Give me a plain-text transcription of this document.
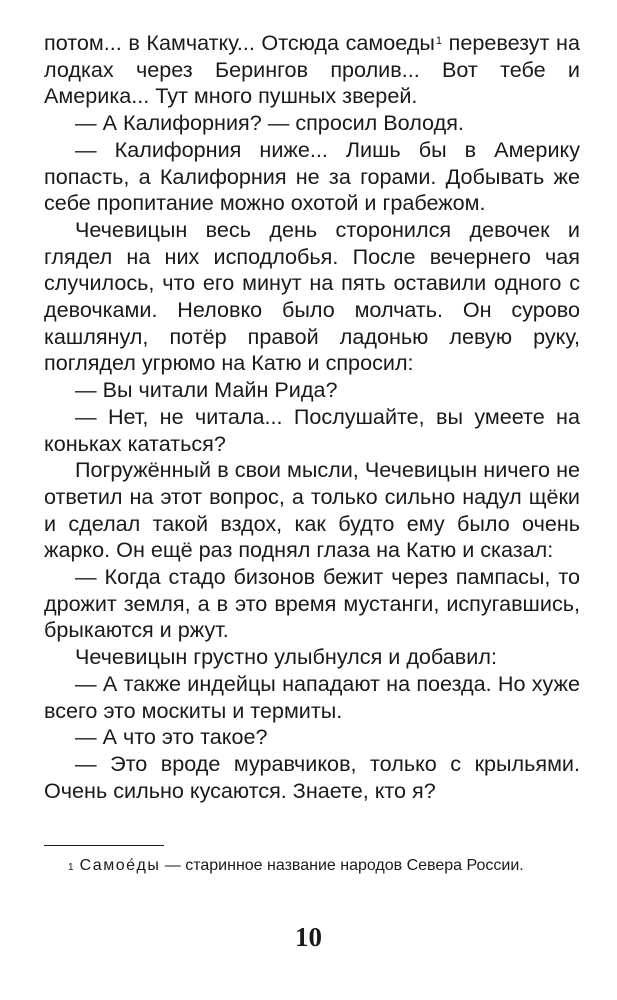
потом... в Камчатку... Отсюда самоеды$^1$ перевезут на лодках через Берингов пролив... Вот тебе и Америка... Тут много пушных зверей.

— А Калифорния? — спросил Володя.

— Калифорния ниже... Лишь бы в Америку попасть, а Калифорния не за горами. Добывать же себе пропитание можно охотой и грабежом.

Чечевицын весь день сторонился девочек и глядел на них исподлобья. После вечернего чая случилось, что его минут на пять оставили одного с девочками. Неловко было молчать. Он сурово кашлянул, потёр правой ладонью левую руку, поглядел угрюмо на Катю и спросил:

— Вы читали Майн Рида?

— Нет, не читала... Послушайте, вы умеете на коньках кататься?

Погружённый в свои мысли, Чечевицын ничего не ответил на этот вопрос, а только сильно надул щёки и сделал такой вздох, как будто ему было очень жарко. Он ещё раз поднял глаза на Катю и сказал:

— Когда стадо бизонов бежит через пампасы, то дрожит земля, а в это время мустанги, испугавшись, брыкаются и ржут.

Чечевицын грустно улыбнулся и добавил:

— А также индейцы нападают на поезда. Но хуже всего это москиты и термиты.

— А что это такое?

— Это вроде муравчиков, только с крыльями. Очень сильно кусаются. Знаете, кто я?

$^1$ Самое́ды — старинное название народов Севера России.
10
